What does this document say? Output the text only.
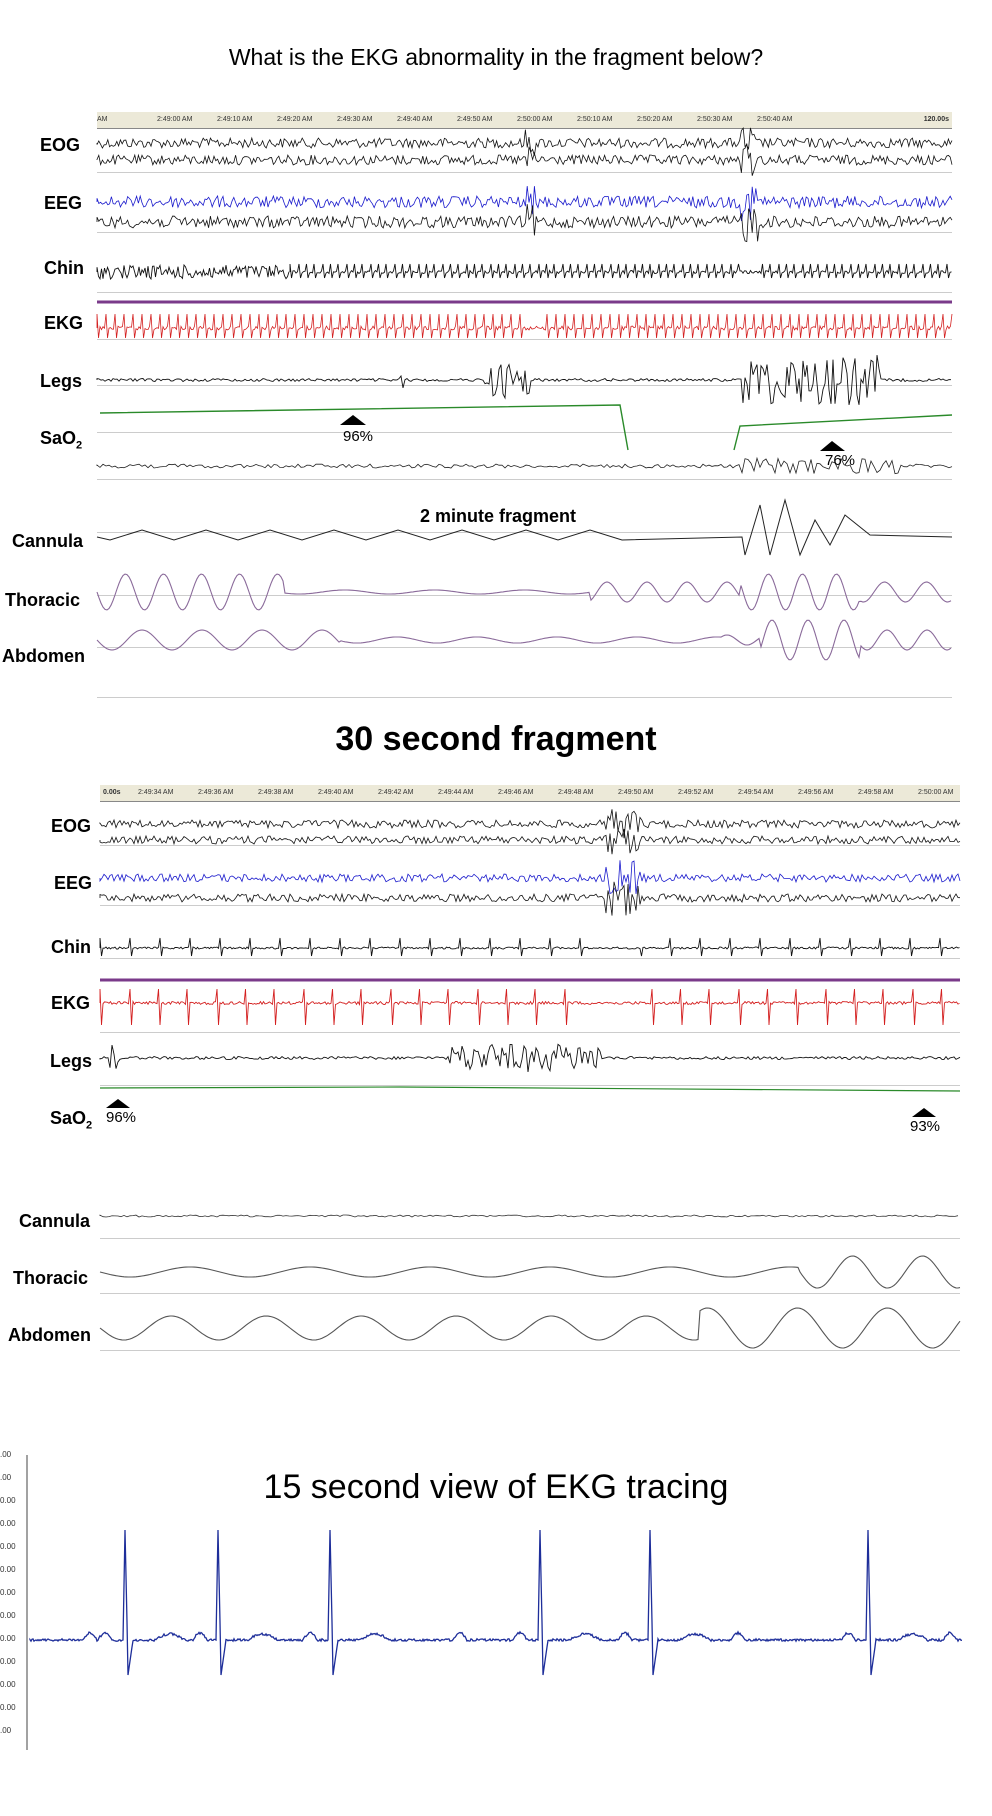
What is the EKG abnormality in the fragment below?
120.00s
AM	2:49:00 AM	2:49:10 AM	2:49:20 AM	2:49:30 AM	2:49:40 AM	2:49:50 AM	2:50:00 AM	2:50:10 AM	2:50:20 AM	2:50:30 AM	2:50:40 AM
EOG
EEG
Chin
EKG
Legs
SaO$_2$
2 minute fragment
Cannula
Thoracic
Abdomen
96%
76%
30 second fragment
0.00s 2:49:34 AM	2:49:36 AM	2:49:38 AM	2:49:40 AM	2:49:42 AM	2:49:44 AM	2:49:46 AM	2:49:48 AM	2:49:50 AM	2:49:52 AM	2:49:54 AM	2:49:56 AM	2:49:58 AM	2:50:00 AM
EOG
EEG
Chin
EKG
Legs
SaO$_2$
Cannula
Thoracic
Abdomen
96%
93%
15 second view of EKG tracing
.00
.00
0.00
0.00
0.00
0.00
0.00
0.00
0.00
0.00
0.00
0.00
.00
